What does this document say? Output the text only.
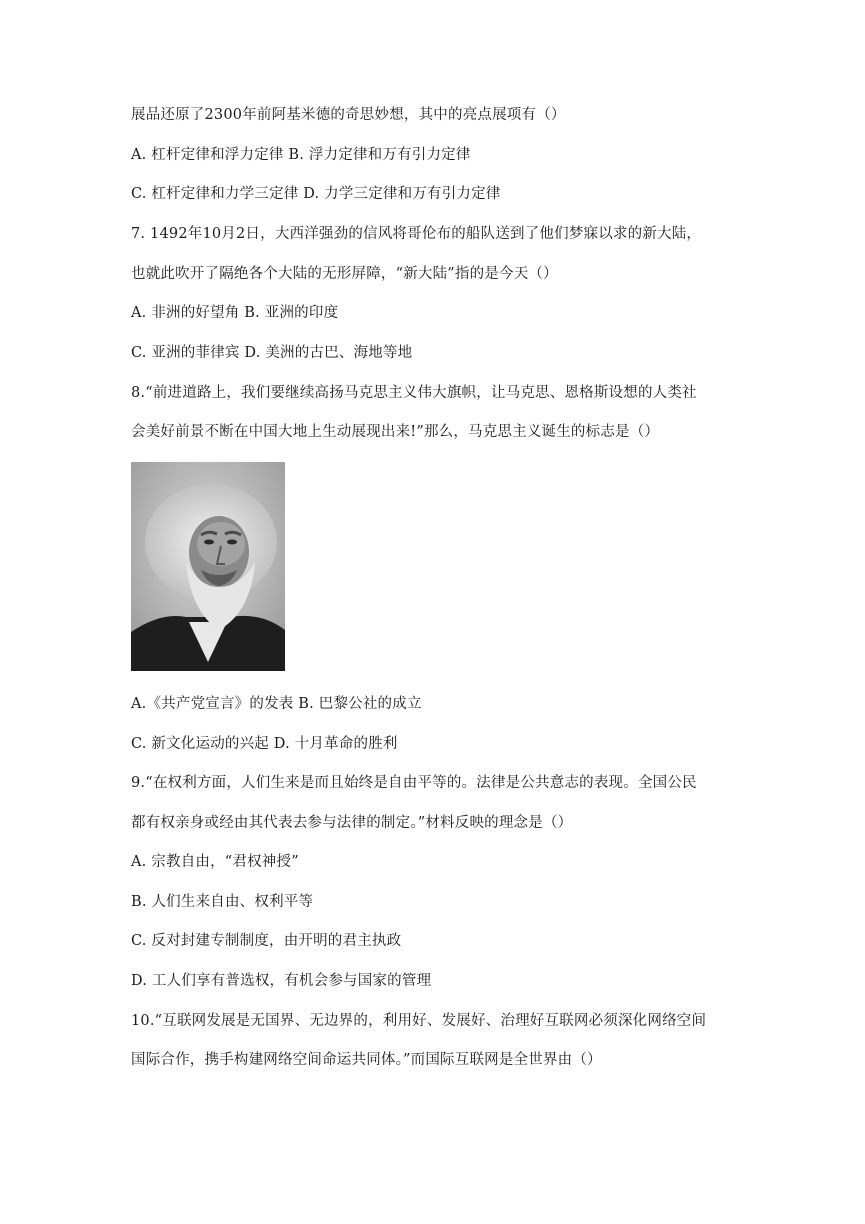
展品还原了2300年前阿基米德的奇思妙想，其中的亮点展项有（）
A. 杠杆定律和浮力定律 B. 浮力定律和万有引力定律
C. 杠杆定律和力学三定律 D. 力学三定律和万有引力定律
7. 1492年10月2日，大西洋强劲的信风将哥伦布的船队送到了他们梦寐以求的新大陆，
也就此吹开了隔绝各个大陆的无形屏障，“新大陆”指的是今天（）
A. 非洲的好望角 B. 亚洲的印度
C. 亚洲的菲律宾 D. 美洲的古巴、海地等地
8.“前进道路上，我们要继续高扬马克思主义伟大旗帜，让马克思、恩格斯设想的人类社
会美好前景不断在中国大地上生动展现出来!”那么，马克思主义诞生的标志是（）
A.《共产党宣言》的发表 B. 巴黎公社的成立
C. 新文化运动的兴起 D. 十月革命的胜利
9.“在权利方面，人们生来是而且始终是自由平等的。法律是公共意志的表现。全国公民
都有权亲身或经由其代表去参与法律的制定。”材料反映的理念是（）
A. 宗教自由，“君权神授”
B. 人们生来自由、权利平等
C. 反对封建专制制度，由开明的君主执政
D. 工人们享有普选权，有机会参与国家的管理
10.“互联网发展是无国界、无边界的，利用好、发展好、治理好互联网必须深化网络空间
国际合作，携手构建网络空间命运共同体。”而国际互联网是全世界由（）
